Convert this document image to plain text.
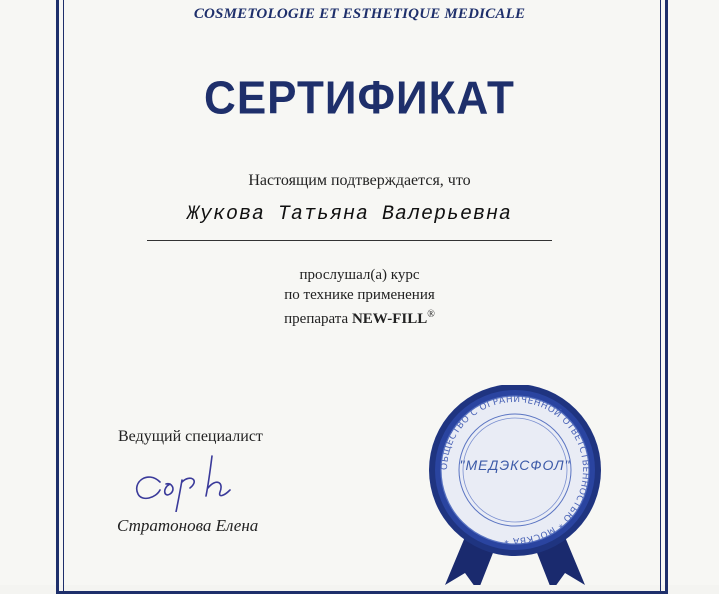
COSMETOLOGIE ET ESTHETIQUE MEDICALE
СЕРТИФИКАТ
Настоящим подтверждается, что
Жукова Татьяна Валерьевна
прослушал(а) курс
по технике применения
препарата NEW-FILL®
Ведущий специалист
Стратонова Елена
ОБЩЕСТВО С ОГРАНИЧЕННОЙ ОТВЕТСТВЕННОСТЬЮ * МОСКВА *
"МЕДЭКСФОЛ"
